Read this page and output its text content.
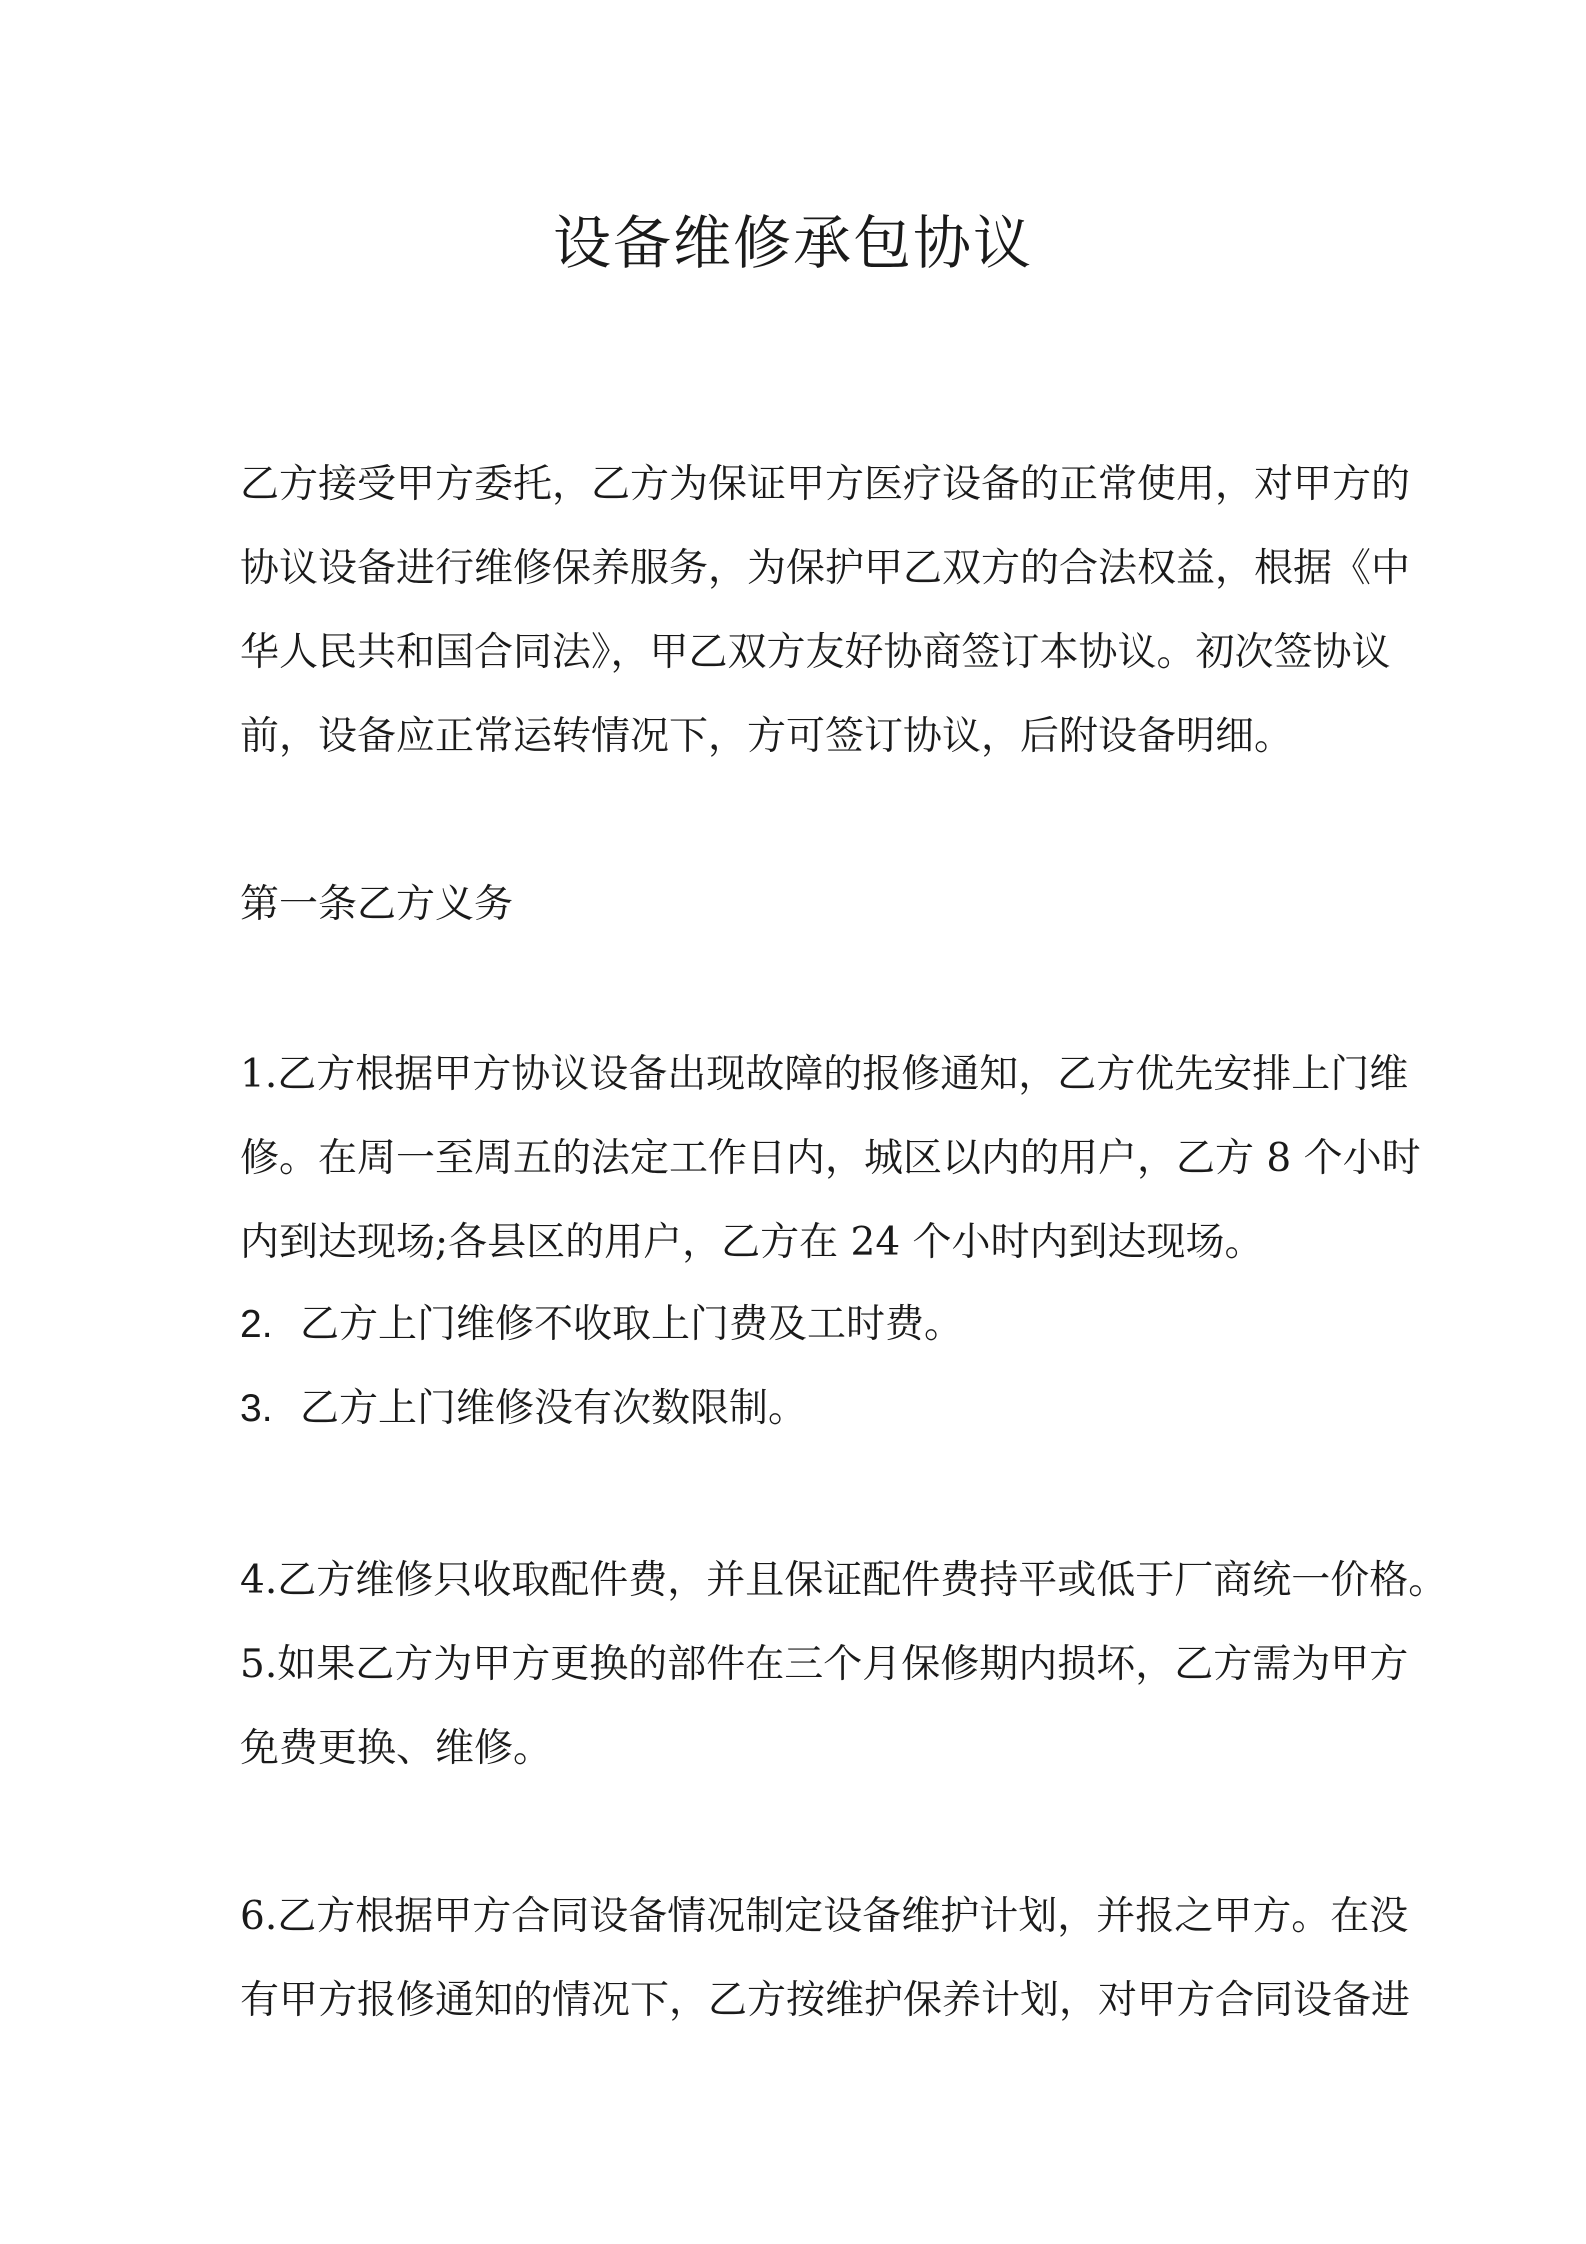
设备维修承包协议

乙方接受甲方委托，乙方为保证甲方医疗设备的正常使用，对甲方的

协议设备进行维修保养服务，为保护甲乙双方的合法权益，根据《中

华人民共和国合同法》，甲乙双方友好协商签订本协议。初次签协议

前，设备应正常运转情况下，方可签订协议，后附设备明细。

第一条乙方义务

1.乙方根据甲方协议设备出现故障的报修通知，乙方优先安排上门维

修。在周一至周五的法定工作日内，城区以内的用户，乙方 8 个小时

内到达现场;各县区的用户，乙方在 24 个小时内到达现场。

2. 乙方上门维修不收取上门费及工时费。

3. 乙方上门维修没有次数限制。

4.乙方维修只收取配件费，并且保证配件费持平或低于厂商统一价格。

5.如果乙方为甲方更换的部件在三个月保修期内损坏，乙方需为甲方

免费更换、维修。

6.乙方根据甲方合同设备情况制定设备维护计划，并报之甲方。在没

有甲方报修通知的情况下，乙方按维护保养计划，对甲方合同设备进
